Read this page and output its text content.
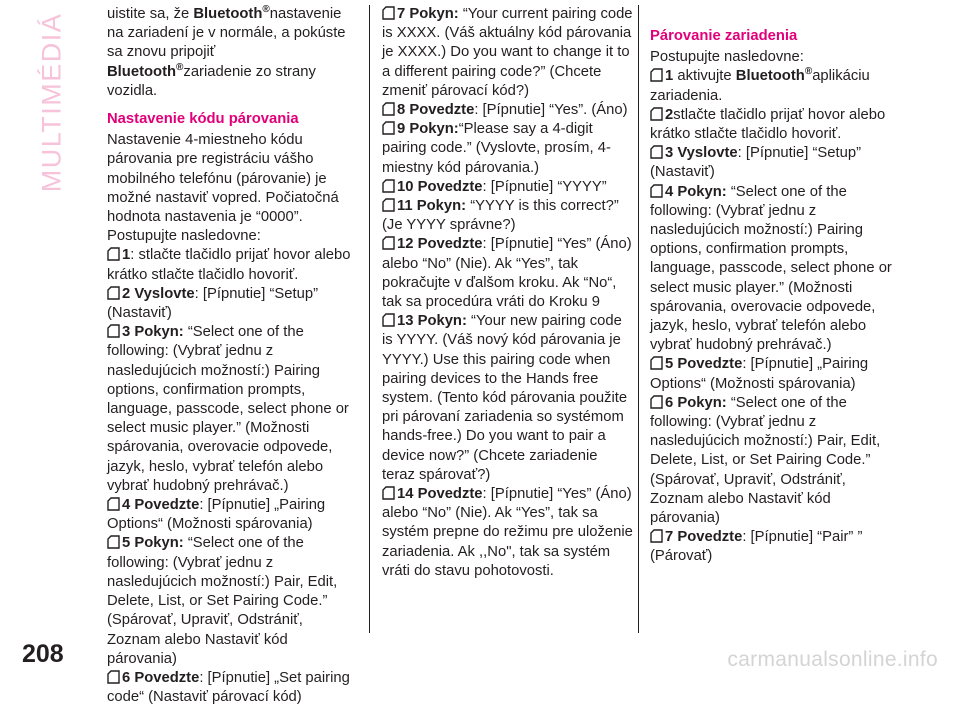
MULTIMÉDIÁ	uistite sa, že Bluetooth®nastavenie na zariadení je v normále, a pokúste sa znovu pripojiť Bluetooth®zariadenie zo strany vozidla.

Nastavenie kódu párovania

Nastavenie 4-miestneho kódu párovania pre registráciu vášho mobilného telefónu (párovanie) je možné nastaviť vopred. Počiatočná hodnota nastavenia je “0000”.

Postupujte nasledovne:

1: stlačte tlačidlo prijať hovor alebo krátko stlačte tlačidlo hovoriť.

2 Vyslovte: [Pípnutie] “Setup” (Nastaviť)

3 Pokyn: “Select one of the following: (Vybrať jednu z nasledujúcich možností:) Pairing options, confirmation prompts, language, passcode, select phone or select music player.” (Možnosti spárovania, overovacie odpovede, jazyk, heslo, vybrať telefón alebo vybrať hudobný prehrávač.)

4 Povedzte: [Pípnutie] „Pairing Options“ (Možnosti spárovania)

5 Pokyn: “Select one of the following: (Vybrať jednu z nasledujúcich možností:) Pair, Edit, Delete, List, or Set Pairing Code.” (Spárovať, Upraviť, Odstrániť, Zoznam alebo Nastaviť kód párovania)

6 Povedzte: [Pípnutie] „Set pairing code“ (Nastaviť párovací kód)

7 Pokyn: “Your current pairing code is XXXX. (Váš aktuálny kód párovania je XXXX.) Do you want to change it to a different pairing code?” (Chcete zmeniť párovací kód?)

8 Povedzte: [Pípnutie] “Yes”. (Áno)

9 Pokyn:“Please say a 4-digit pairing code.” (Vyslovte, prosím, 4-miestny kód párovania.)

10 Povedzte: [Pípnutie] “YYYY”

11 Pokyn: “YYYY is this correct?” (Je YYYY správne?)

12 Povedzte: [Pípnutie] “Yes” (Áno) alebo “No” (Nie). Ak “Yes”, tak pokračujte v ďalšom kroku. Ak “No“, tak sa procedúra vráti do Kroku 9

13 Pokyn: “Your new pairing code is YYYY. (Váš nový kód párovania je YYYY.) Use this pairing code when pairing devices to the Hands free system. (Tento kód párovania použite pri párovaní zariadenia so systémom hands-free.) Do you want to pair a device now?” (Chcete zariadenie teraz spárovať?)

14 Povedzte: [Pípnutie] “Yes” (Áno) alebo “No” (Nie). Ak “Yes”, tak sa systém prepne do režimu pre uloženie zariadenia. Ak ,,No", tak sa systém vráti do stavu pohotovosti.

Párovanie zariadenia

Postupujte nasledovne:

1 aktivujte Bluetooth®aplikáciu zariadenia.

2stlačte tlačidlo prijať hovor alebo krátko stlačte tlačidlo hovoriť.

3 Vyslovte: [Pípnutie] “Setup” (Nastaviť)

4 Pokyn: “Select one of the following: (Vybrať jednu z nasledujúcich možností:) Pairing options, confirmation prompts, language, passcode, select phone or select music player.” (Možnosti spárovania, overovacie odpovede, jazyk, heslo, vybrať telefón alebo vybrať hudobný prehrávač.)

5 Povedzte: [Pípnutie] „Pairing Options“ (Možnosti spárovania)

6 Pokyn: “Select one of the following: (Vybrať jednu z nasledujúcich možností:) Pair, Edit, Delete, List, or Set Pairing Code.” (Spárovať, Upraviť, Odstrániť, Zoznam alebo Nastaviť kód párovania)

7 Povedzte: [Pípnutie] “Pair” ” (Párovať)

208	carmanualsonline.info
